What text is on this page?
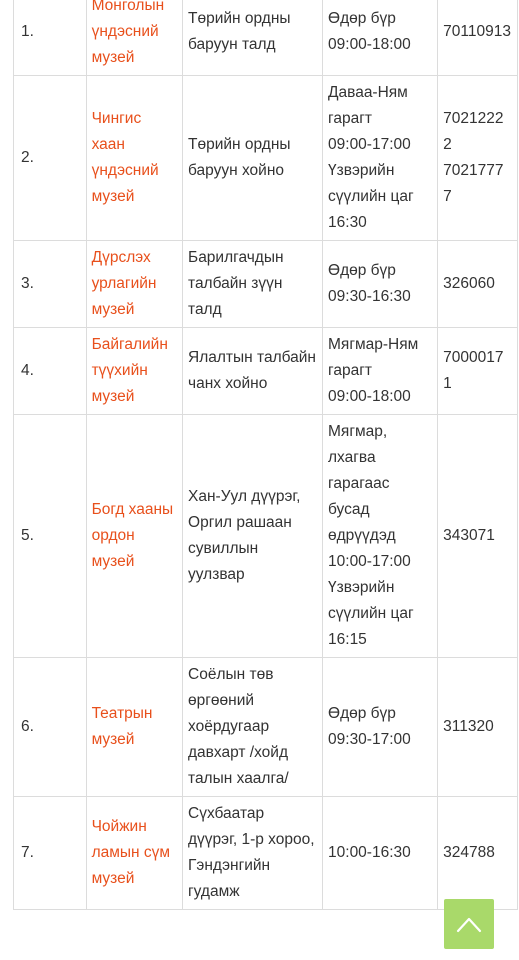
1.	Монголын үндэсний музей	Төрийн ордны баруун талд	Өдөр бүр
09:00-18:00	70110913

2.	Чингис хаан үндэсний музей	Төрийн ордны баруун хойно	Даваа-Ням гарагт
09:00-17:00
Үзвэрийн сүүлийн цаг
16:30	70212222
70217777

3.	Дүрслэх урлагийн музей	Барилгачдын талбайн зүүн талд	Өдөр бүр
09:30-16:30	326060

4.	Байгалийн түүхийн музей	Ялалтын талбайн чанх хойно	Мягмар-Ням гарагт
09:00-18:00	70000171

5.	Богд хааны ордон музей	Хан-Уул дүүрэг, Оргил рашаан сувиллын уулзвар	Мягмар, лхагва гарагаас бусад өдрүүдэд
10:00-17:00
Үзвэрийн сүүлийн цаг
16:15	343071

6.	Театрын музей	Соёлын төв өргөөний хоёрдугаар давхарт /хойд талын хаалга/	Өдөр бүр
09:30-17:00	311320

7.	Чойжин ламын сүм музей	Сүхбаатар дүүрэг, 1-р хороо, Гэндэнгийн гудамж	10:00-16:30	324788
